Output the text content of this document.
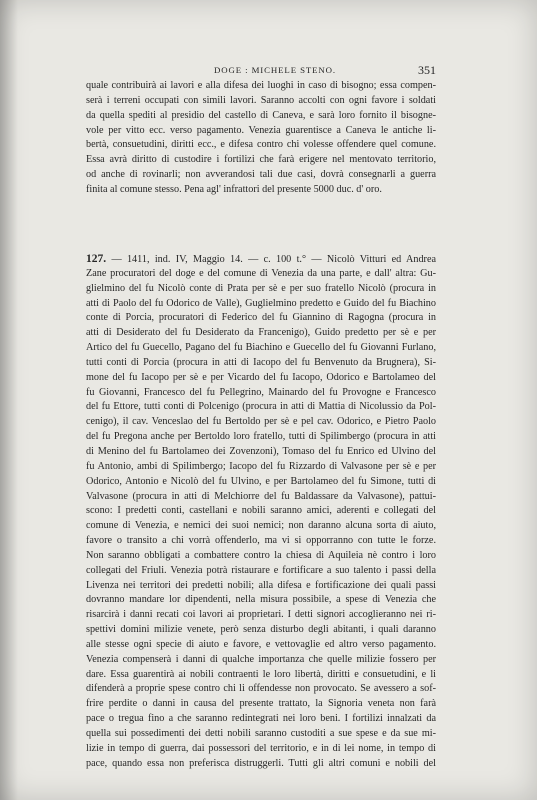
DOGE : MICHELE STENO.	351
quale contribuirà ai lavori e alla difesa dei luoghi in caso di bisogno; essa compen-
serà i terreni occupati con simili lavori. Saranno accolti con ogni favore i soldati
da quella spediti al presidio del castello di Caneva, e sarà loro fornito il bisogne-
vole per vitto ecc. verso pagamento. Venezia guarentisce a Caneva le antiche li-
bertà, consuetudini, diritti ecc., e difesa contro chi volesse offendere quel comune.
Essa avrà diritto di custodire i fortilizi che farà erigere nel mentovato territorio,
od anche di rovinarli; non avverandosi tali due casi, dovrà consegnarli a guerra
finita al comune stesso. Pena agl' infrattori del presente 5000 duc. d' oro.
127. — 1411, ind. IV, Maggio 14. — c. 100 t.° — Nicolò Vitturi ed Andrea
Zane procuratori del doge e del comune di Venezia da una parte, e dall' altra: Gu-
glielmino del fu Nicolò conte di Prata per sè e per suo fratello Nicolò (procura in
atti di Paolo del fu Odorico de Valle), Guglielmino predetto e Guido del fu Biachino
conte di Porcia, procuratori di Federico del fu Giannino di Ragogna (procura in
atti di Desiderato del fu Desiderato da Francenigo), Guido predetto per sè e per
Artico del fu Guecello, Pagano del fu Biachino e Guecello del fu Giovanni Furlano,
tutti conti di Porcia (procura in atti di Iacopo del fu Benvenuto da Brugnera), Si-
mone del fu Iacopo per sè e per Vicardo del fu Iacopo, Odorico e Bartolameo del
fu Giovanni, Francesco del fu Pellegrino, Mainardo del fu Provogne e Francesco
del fu Ettore, tutti conti di Polcenigo (procura in atti di Mattia di Nicolussio da Pol-
cenigo), il cav. Venceslao del fu Bertoldo per sè e pel cav. Odorico, e Pietro Paolo
del fu Pregona anche per Bertoldo loro fratello, tutti di Spilimbergo (procura in atti
di Menino del fu Bartolameo dei Zovenzoni), Tomaso del fu Enrico ed Ulvino del
fu Antonio, ambi di Spilimbergo; Iacopo del fu Rizzardo di Valvasone per sè e per
Odorico, Antonio e Nicolò del fu Ulvino, e per Bartolameo del fu Simone, tutti di
Valvasone (procura in atti di Melchiorre del fu Baldassare da Valvasone), pattui-
scono: I predetti conti, castellani e nobili saranno amici, aderenti e collegati del
comune di Venezia, e nemici dei suoi nemici; non daranno alcuna sorta di aiuto,
favore o transito a chi vorrà offenderlo, ma vi si opporranno con tutte le forze.
Non saranno obbligati a combattere contro la chiesa di Aquileia nè contro i loro
collegati del Friuli. Venezia potrà ristaurare e fortificare a suo talento i passi della
Livenza nei territori dei predetti nobili; alla difesa e fortificazione dei quali passi
dovranno mandare lor dipendenti, nella misura possibile, a spese di Venezia che
risarcirà i danni recati coi lavori ai proprietari. I detti signori accoglieranno nei ri-
spettivi domini milizie venete, però senza disturbo degli abitanti, i quali daranno
alle stesse ogni specie di aiuto e favore, e vettovaglie ed altro verso pagamento.
Venezia compenserà i danni di qualche importanza che quelle milizie fossero per
dare. Essa guarentirà ai nobili contraenti le loro libertà, diritti e consuetudini, e li
difenderà a proprie spese contro chi li offendesse non provocato. Se avessero a sof-
frire perdite o danni in causa del presente trattato, la Signoria veneta non farà
pace o tregua fino a che saranno redintegrati nei loro beni. I fortilizi innalzati da
quella sui possedimenti dei detti nobili saranno custoditi a sue spese e da sue mi-
lizie in tempo di guerra, dai possessori del territorio, e in di lei nome, in tempo di
pace, quando essa non preferisca distruggerli. Tutti gli altri comuni e nobili del
